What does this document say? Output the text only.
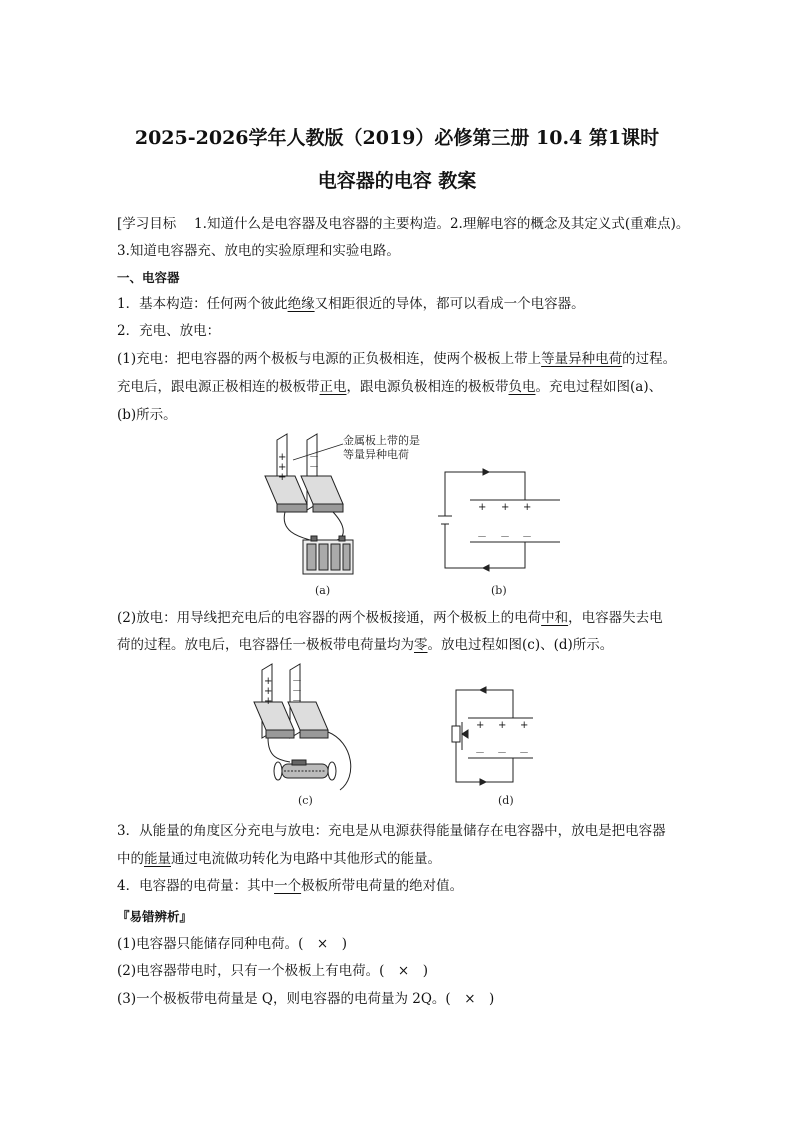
2025-2026学年人教版（2019）必修第三册 10.4 第1课时
电容器的电容 教案
[学习目标　 1.知道什么是电容器及电容器的主要构造。2.理解电容的概念及其定义式(重难点)。
3.知道电容器充、放电的实验原理和实验电路。
一、电容器
1．基本构造：任何两个彼此绝缘又相距很近的导体，都可以看成一个电容器。
2．充电、放电：
(1)充电：把电容器的两个极板与电源的正负极相连，使两个极板上带上等量异种电荷的过程。
充电后，跟电源正极相连的极板带正电，跟电源负极相连的极板带负电。充电过程如图(a)、
(b)所示。
+
+
+
－
－
－
金属板上带的是
等量异种电荷
(a)
+ + +
－ － －
(b)
(2)放电：用导线把充电后的电容器的两个极板接通，两个极板上的电荷中和，电容器失去电
荷的过程。放电后，电容器任一极板带电荷量均为零。放电过程如图(c)、(d)所示。
+
+
+
－
－
－
(c)
+ + +
－ － －
(d)
3．从能量的角度区分充电与放电：充电是从电源获得能量储存在电容器中，放电是把电容器
中的能量通过电流做功转化为电路中其他形式的能量。
4．电容器的电荷量：其中一个极板所带电荷量的绝对值。
『易错辨析』
(1)电容器只能储存同种电荷。(　×　)
(2)电容器带电时，只有一个极板上有电荷。(　×　)
(3)一个极板带电荷量是 Q，则电容器的电荷量为 2Q。(　×　)
